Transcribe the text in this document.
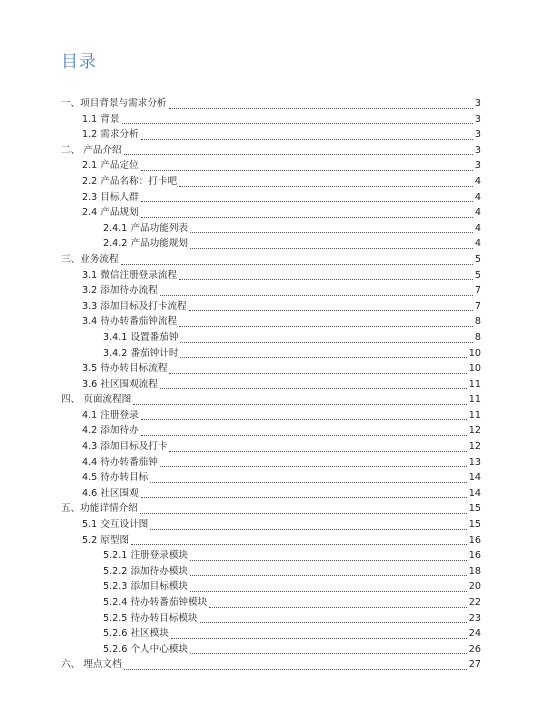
目录
一、项目背景与需求分析	3
1.1 背景	3
1.2 需求分析	3
二、 产品介绍	3
2.1 产品定位	3
2.2 产品名称：打卡吧	4
2.3 目标人群	4
2.4 产品规划	4
2.4.1 产品功能列表	4
2.4.2 产品功能规划	4
三、业务流程	5
3.1 微信注册登录流程	5
3.2 添加待办流程	7
3.3 添加目标及打卡流程	7
3.4 待办转番茄钟流程	8
3.4.1 设置番茄钟	8
3.4.2 番茄钟计时	10
3.5 待办转目标流程	10
3.6 社区围观流程	11
四、 页面流程图	11
4.1 注册登录	11
4.2 添加待办	12
4.3 添加目标及打卡	12
4.4 待办转番茄钟	13
4.5 待办转目标	14
4.6 社区围观	14
五、功能详情介绍	15
5.1 交互设计图	15
5.2 原型图	16
5.2.1 注册登录模块	16
5.2.2 添加待办模块	18
5.2.3 添加目标模块	20
5.2.4 待办转番茄钟模块	22
5.2.5 待办转目标模块	23
5.2.6 社区模块	24
5.2.6 个人中心模块	26
六、 埋点文档	27
